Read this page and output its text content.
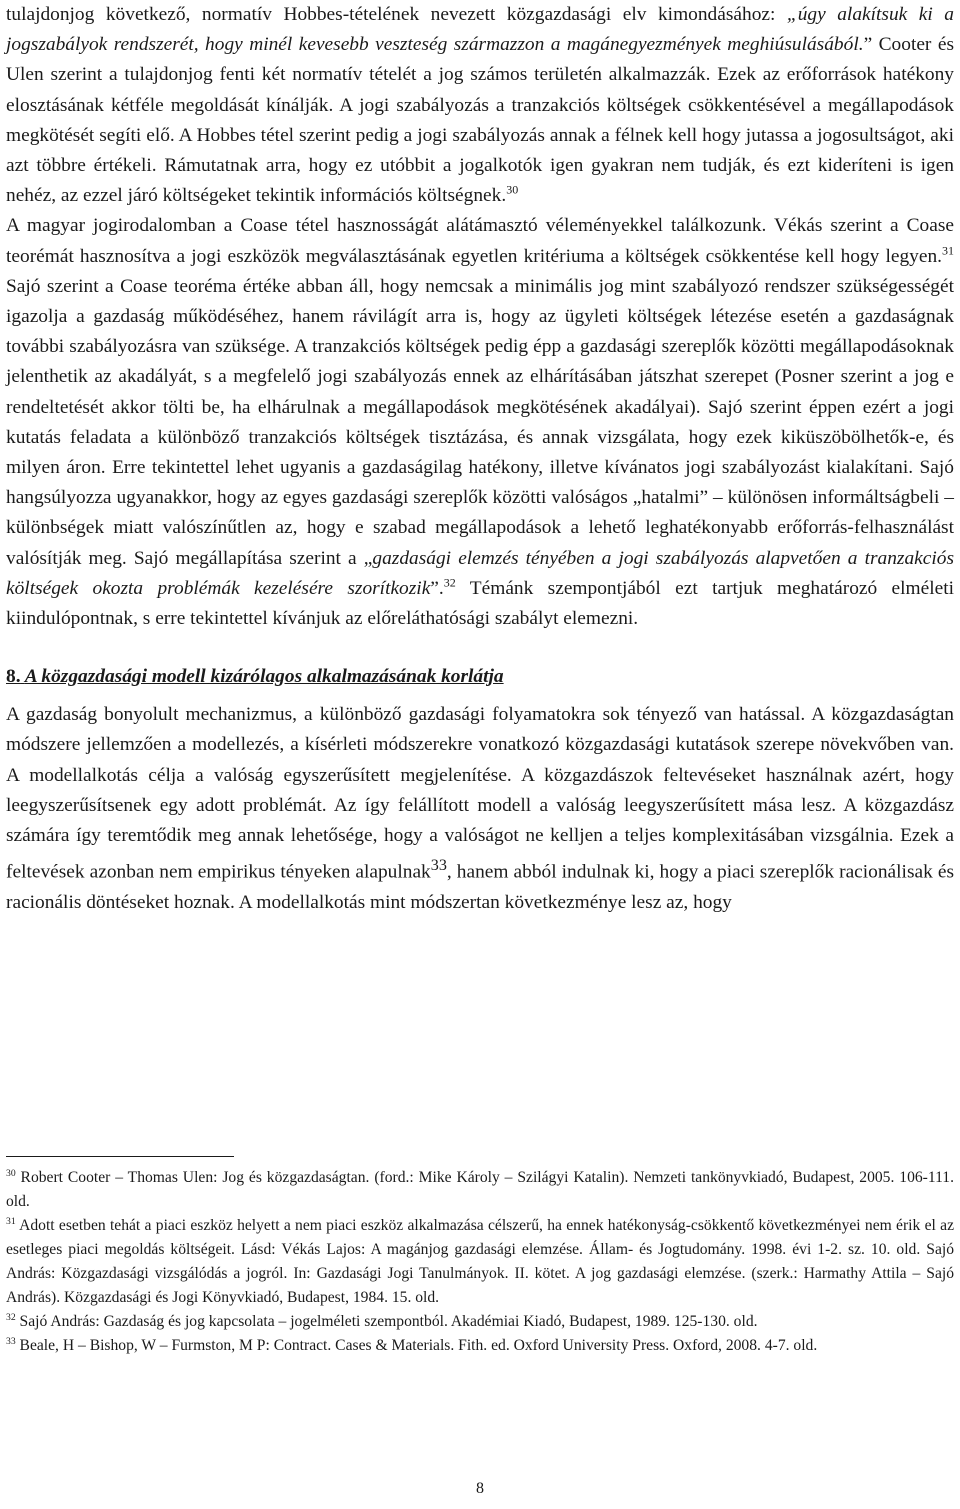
tulajdonjog következő, normatív Hobbes-tételének nevezett közgazdasági elv kimondásához: „úgy alakítsuk ki a jogszabályok rendszerét, hogy minél kevesebb veszteség származzon a magánegyezmények meghiúsulásából.” Cooter és Ulen szerint a tulajdonjog fenti két normatív tételét a jog számos területén alkalmazzák. Ezek az erőforrások hatékony elosztásának kétféle megoldását kínálják. A jogi szabályozás a tranzakciós költségek csökkentésével a megállapodások megkötését segíti elő. A Hobbes tétel szerint pedig a jogi szabályozás annak a félnek kell hogy jutassa a jogosultságot, aki azt többre értékeli. Rámutatnak arra, hogy ez utóbbit a jogalkotók igen gyakran nem tudják, és ezt kideríteni is igen nehéz, az ezzel járó költségeket tekintik információs költségnek.$^{30}$

A magyar jogirodalomban a Coase tétel hasznosságát alátámasztó véleményekkel találkozunk. Vékás szerint a Coase teorémát hasznosítva a jogi eszközök megválasztásának egyetlen kritériuma a költségek csökkentése kell hogy legyen.$^{31}$ Sajó szerint a Coase teoréma értéke abban áll, hogy nemcsak a minimális jog mint szabályozó rendszer szükségességét igazolja a gazdaság működéséhez, hanem rávilágít arra is, hogy az ügyleti költségek létezése esetén a gazdaságnak további szabályozásra van szüksége. A tranzakciós költségek pedig épp a gazdasági szereplők közötti megállapodásoknak jelenthetik az akadályát, s a megfelelő jogi szabályozás ennek az elhárításában játszhat szerepet (Posner szerint a jog e rendeltetését akkor tölti be, ha elhárulnak a megállapodások megkötésének akadályai). Sajó szerint éppen ezért a jogi kutatás feladata a különböző tranzakciós költségek tisztázása, és annak vizsgálata, hogy ezek kiküszöbölhetők-e, és milyen áron. Erre tekintettel lehet ugyanis a gazdaságilag hatékony, illetve kívánatos jogi szabályozást kialakítani. Sajó hangsúlyozza ugyanakkor, hogy az egyes gazdasági szereplők közötti valóságos „hatalmi” – különösen informáltságbeli – különbségek miatt valószínűtlen az, hogy e szabad megállapodások a lehető leghatékonyabb erőforrás-felhasználást valósítják meg. Sajó megállapítása szerint a „gazdasági elemzés tényében a jogi szabályozás alapvetően a tranzakciós költségek okozta problémák kezelésére szorítkozik”.$^{32}$ Témánk szempontjából ezt tartjuk meghatározó elméleti kiindulópontnak, s erre tekintettel kívánjuk az előreláthatósági szabályt elemezni.

8. A közgazdasági modell kizárólagos alkalmazásának korlátja
A gazdaság bonyolult mechanizmus, a különböző gazdasági folyamatokra sok tényező van hatással. A közgazdaságtan módszere jellemzően a modellezés, a kísérleti módszerekre vonatkozó közgazdasági kutatások szerepe növekvőben van. A modellalkotás célja a valóság egyszerűsített megjelenítése. A közgazdászok feltevéseket használnak azért, hogy leegyszerűsítsenek egy adott problémát. Az így felállított modell a valóság leegyszerűsített mása lesz. A közgazdász számára így teremtődik meg annak lehetősége, hogy a valóságot ne kelljen a teljes komplexitásában vizsgálnia. Ezek a feltevések azonban nem empirikus tényeken alapulnak$^{33}$, hanem abból indulnak ki, hogy a piaci szereplők racionálisak és racionális döntéseket hoznak. A modellalkotás mint módszertan következménye lesz az, hogy

$^{30}$ Robert Cooter – Thomas Ulen: Jog és közgazdaságtan. (ford.: Mike Károly – Szilágyi Katalin). Nemzeti tankönyvkiadó, Budapest, 2005. 106-111. old.

$^{31}$ Adott esetben tehát a piaci eszköz helyett a nem piaci eszköz alkalmazása célszerű, ha ennek hatékonyság-csökkentő következményei nem érik el az esetleges piaci megoldás költségeit. Lásd: Vékás Lajos: A magánjog gazdasági elemzése. Állam- és Jogtudomány. 1998. évi 1-2. sz. 10. old. Sajó András: Közgazdasági vizsgálódás a jogról. In: Gazdasági Jogi Tanulmányok. II. kötet. A jog gazdasági elemzése. (szerk.: Harmathy Attila – Sajó András). Közgazdasági és Jogi Könyvkiadó, Budapest, 1984. 15. old.

$^{32}$ Sajó András: Gazdaság és jog kapcsolata – jogelméleti szempontból. Akadémiai Kiadó, Budapest, 1989. 125-130. old.

$^{33}$ Beale, H – Bishop, W – Furmston, M P: Contract. Cases & Materials. Fith. ed. Oxford University Press. Oxford, 2008. 4-7. old.

8
